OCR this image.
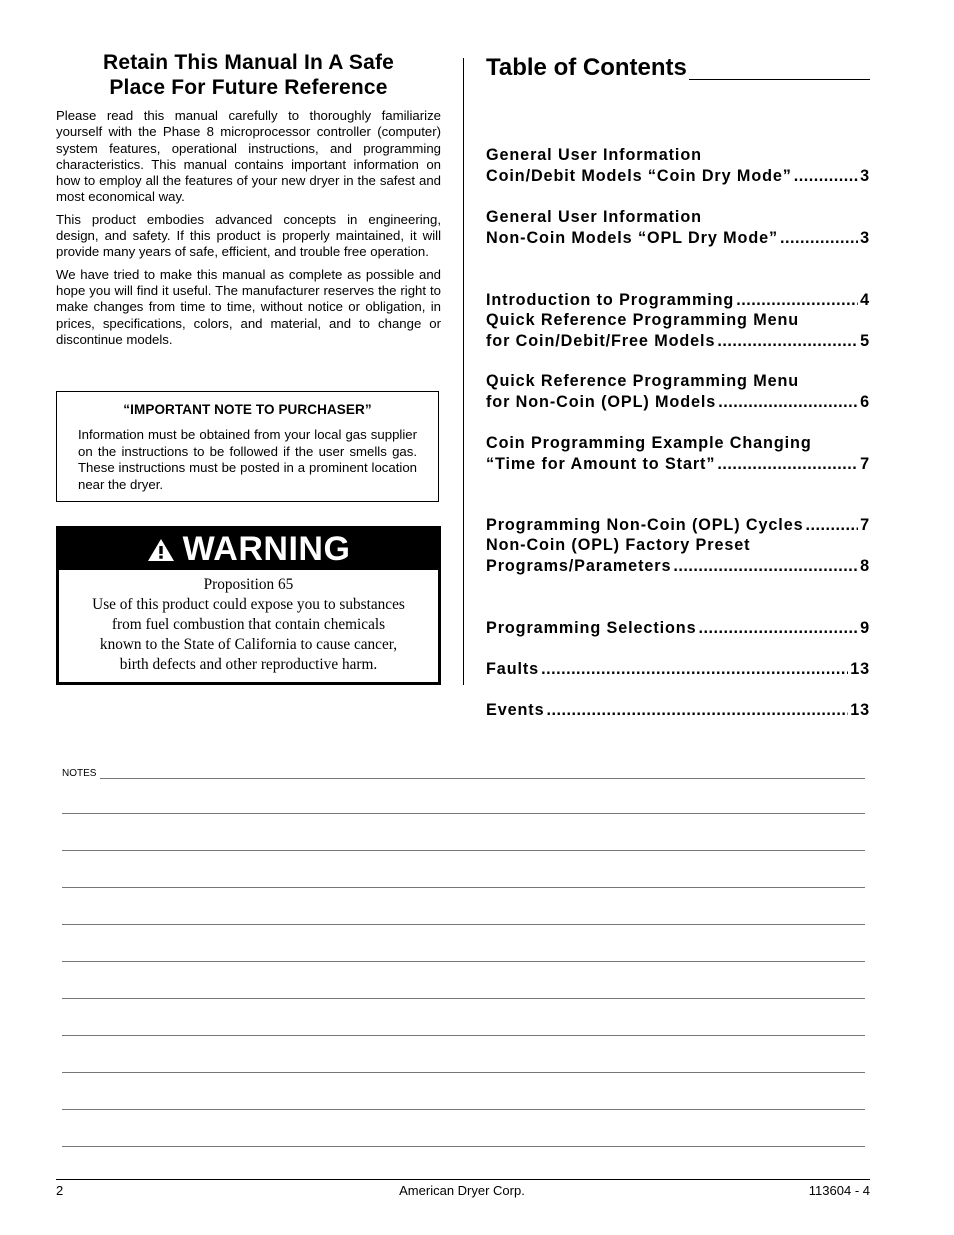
Retain This Manual In A Safe
Place For Future Reference

Please read this manual carefully to thoroughly familiarize yourself with the Phase 8 microprocessor controller (computer) system features, operational instructions, and programming characteristics. This manual contains important information on how to employ all the features of your new dryer in the safest and most economical way.

This product embodies advanced concepts in engineering, design, and safety. If this product is properly maintained, it will provide many years of safe, efficient, and trouble free operation.

We have tried to make this manual as complete as possible and hope you will find it useful. The manufacturer reserves the right to make changes from time to time, without notice or obligation, in prices, specifications, colors, and material, and to change or discontinue models.

“IMPORTANT NOTE TO PURCHASER”
Information must be obtained from your local gas supplier on the instructions to be followed if the user smells gas. These instructions must be posted in a prominent location near the dryer.
WARNING
Proposition 65
Use of this product could expose you to substances
from fuel combustion that contain chemicals
known to the State of California to cause cancer,
birth defects and other reproductive harm.
Table of Contents
General User Information
Coin/Debit Models “Coin Dry Mode” .....	3
General User Information
Non-Coin Models “OPL Dry Mode” .....	3
Introduction to Programming .....	4
Quick Reference Programming Menu
for Coin/Debit/Free Models .....	5
Quick Reference Programming Menu
for Non-Coin (OPL) Models .....	6
Coin Programming Example Changing
“Time for Amount to Start” .....	7
Programming Non-Coin (OPL) Cycles .....	7
Non-Coin (OPL) Factory Preset
Programs/Parameters .....	8
Programming Selections .....	9
Faults .....	13
Events .....	13
NOTES
2	American Dryer Corp.	113604 - 4
